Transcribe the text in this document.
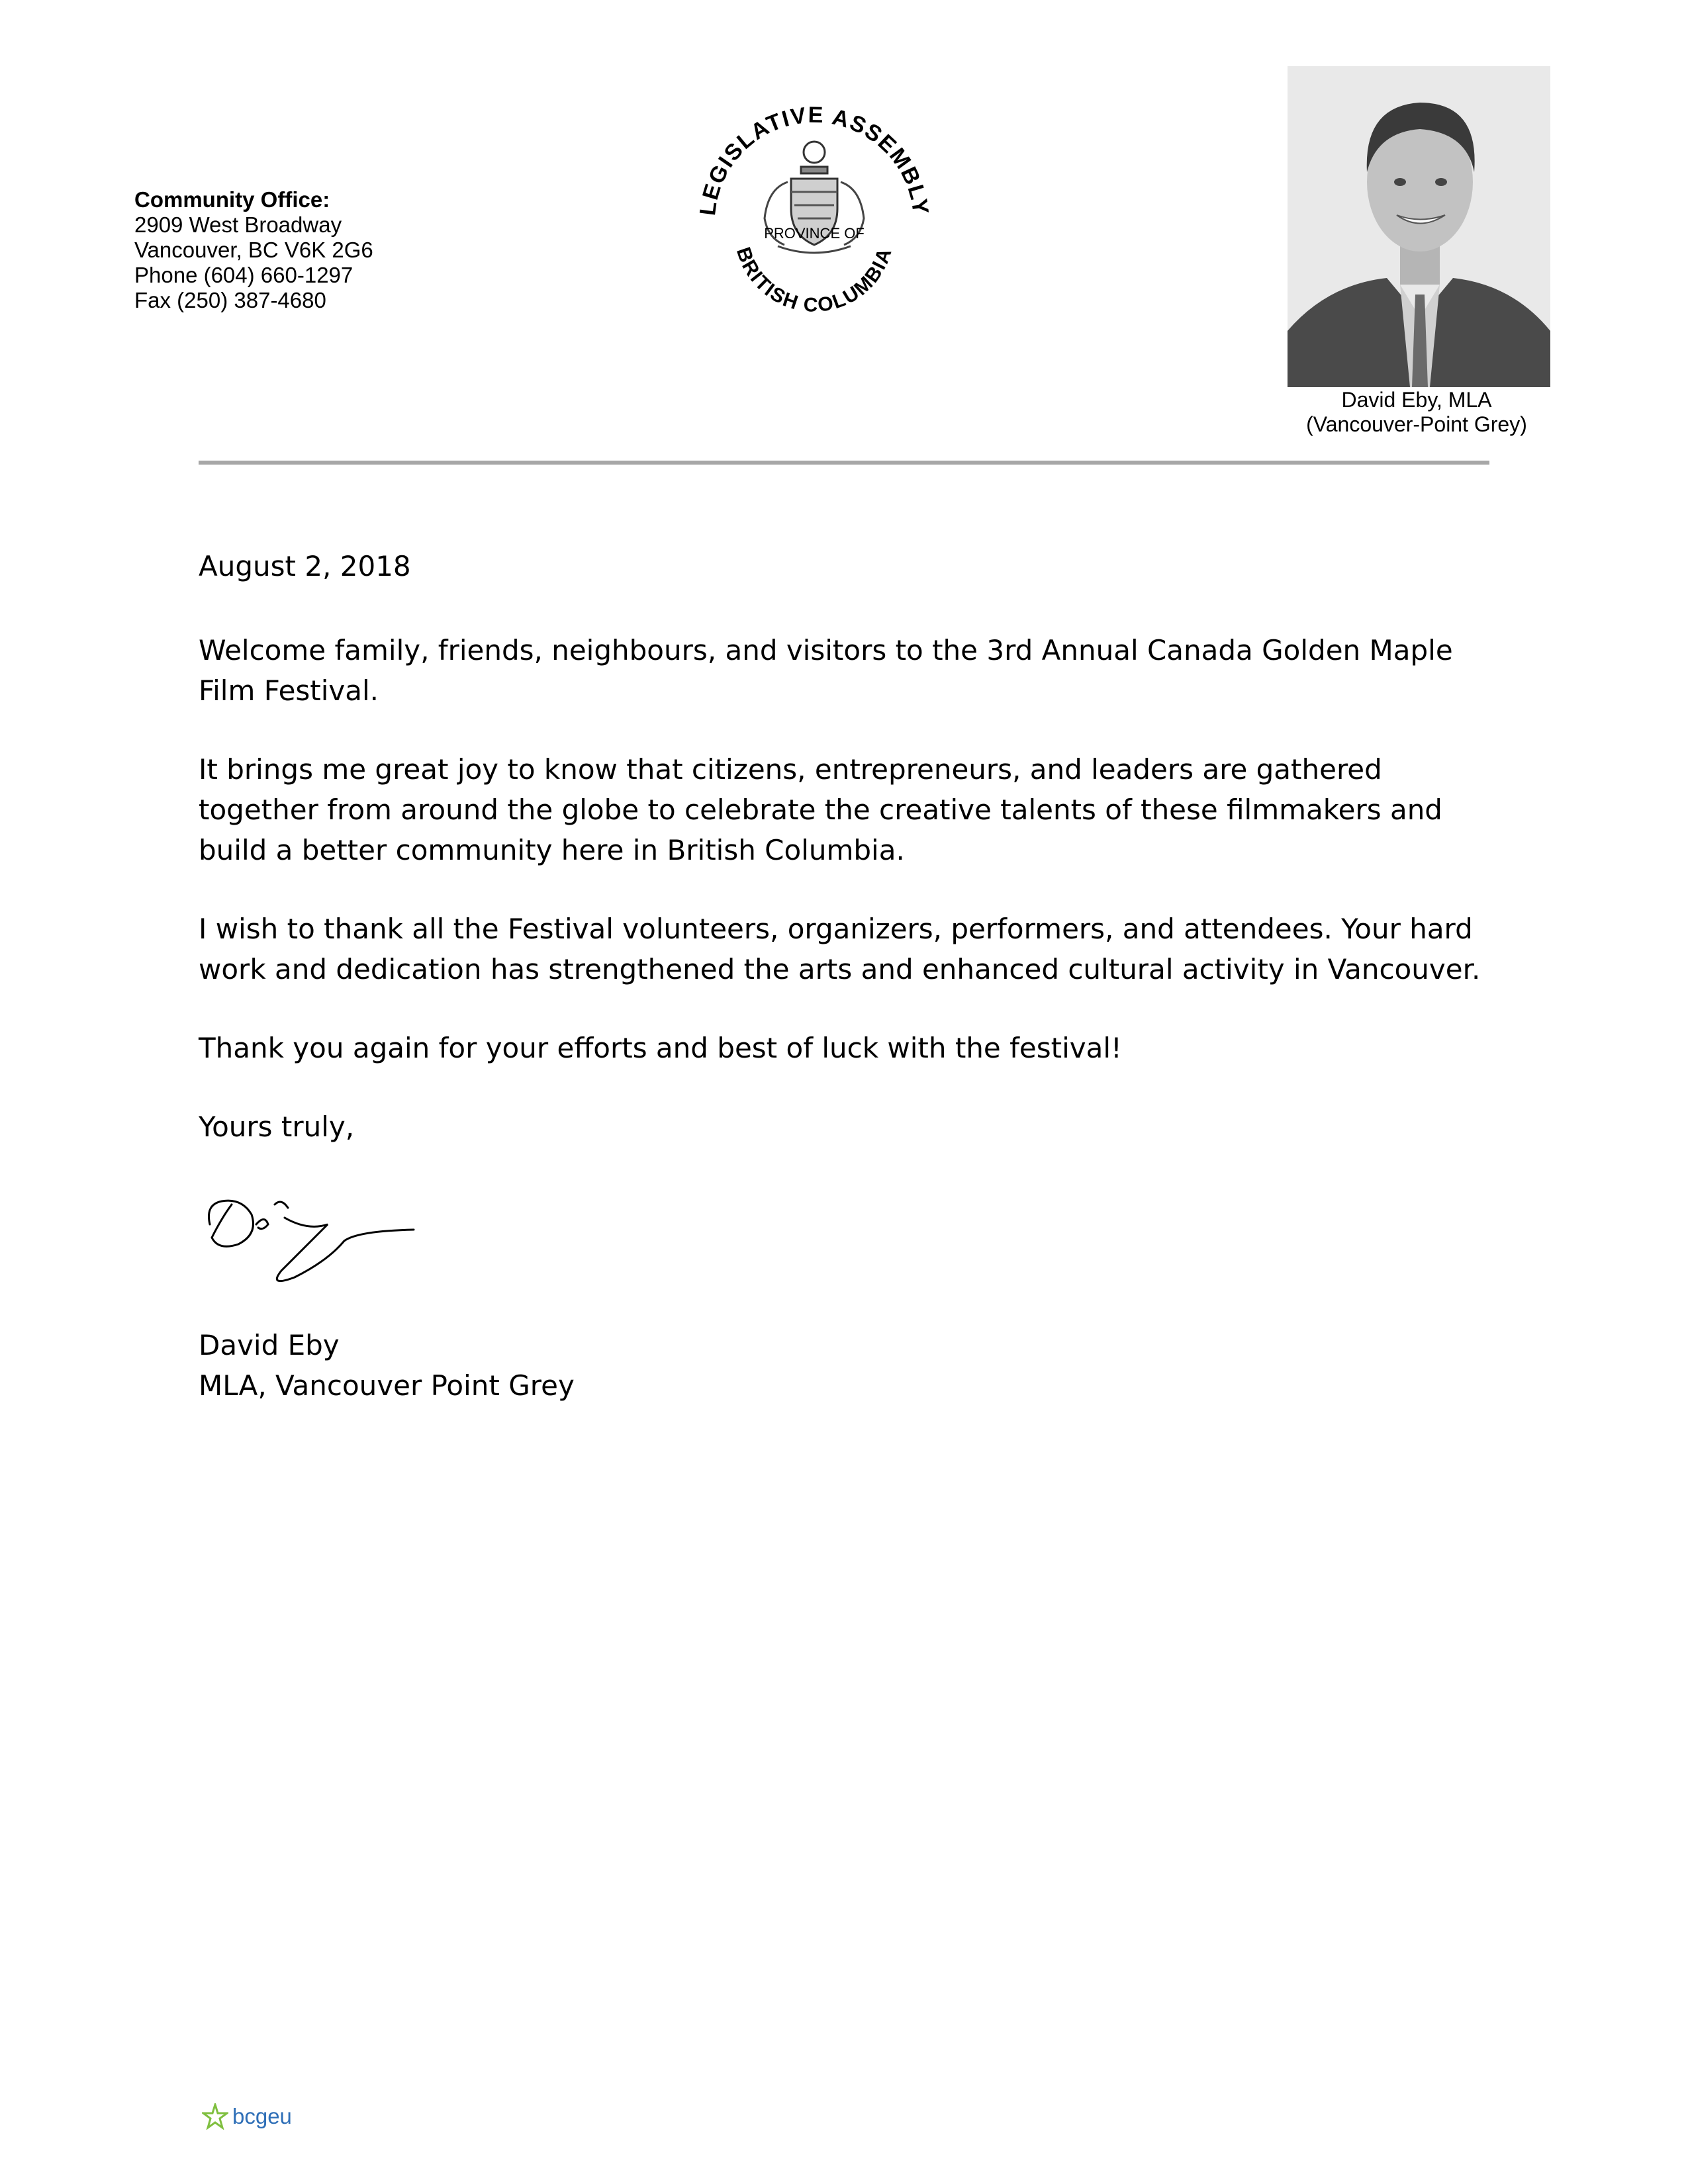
Community Office:
2909 West Broadway
Vancouver, BC V6K 2G6
Phone (604) 660-1297
Fax (250) 387-4680
LEGISLATIVE ASSEMBLY
BRITISH COLUMBIA
PROVINCE OF
David Eby, MLA
(Vancouver-Point Grey)

August 2, 2018

Welcome family, friends, neighbours, and visitors to the 3rd Annual Canada Golden Maple Film Festival.

It brings me great joy to know that citizens, entrepreneurs, and leaders are gathered together from around the globe to celebrate the creative talents of these filmmakers and build a better community here in British Columbia.

I wish to thank all the Festival volunteers, organizers, performers, and attendees. Your hard work and dedication has strengthened the arts and enhanced cultural activity in Vancouver.

Thank you again for your efforts and best of luck with the festival!

Yours truly,

David Eby
MLA, Vancouver Point Grey
bcgeu
